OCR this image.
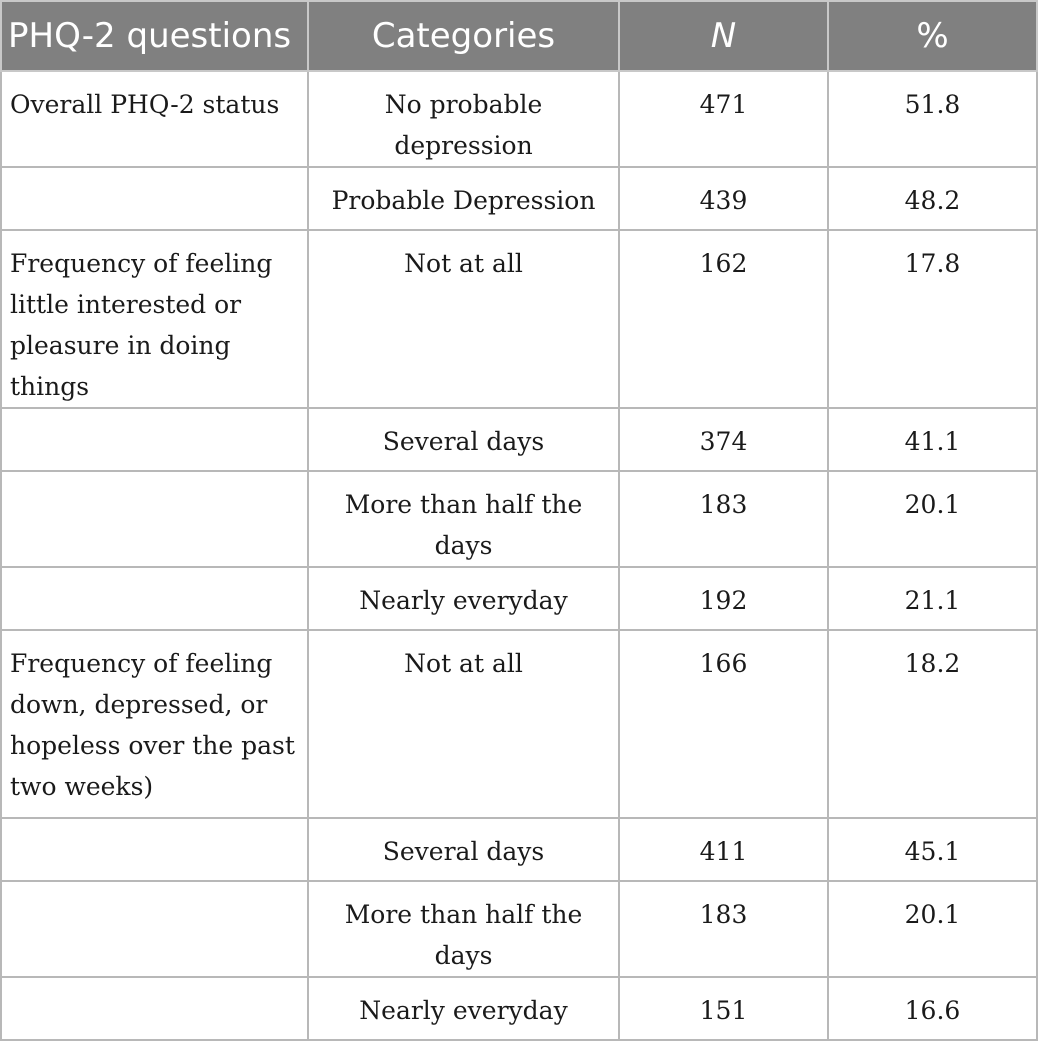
PHQ-2 questions	Categories	N	%
Overall PHQ-2 status	No probable depression	471	51.8
	Probable Depression	439	48.2
Frequency of feeling little interested or pleasure in doing things	Not at all	162	17.8
	Several days	374	41.1
	More than half the days	183	20.1
	Nearly everyday	192	21.1
Frequency of feeling down, depressed, or hopeless over the past two weeks)	Not at all	166	18.2
	Several days	411	45.1
	More than half the days	183	20.1
	Nearly everyday	151	16.6
